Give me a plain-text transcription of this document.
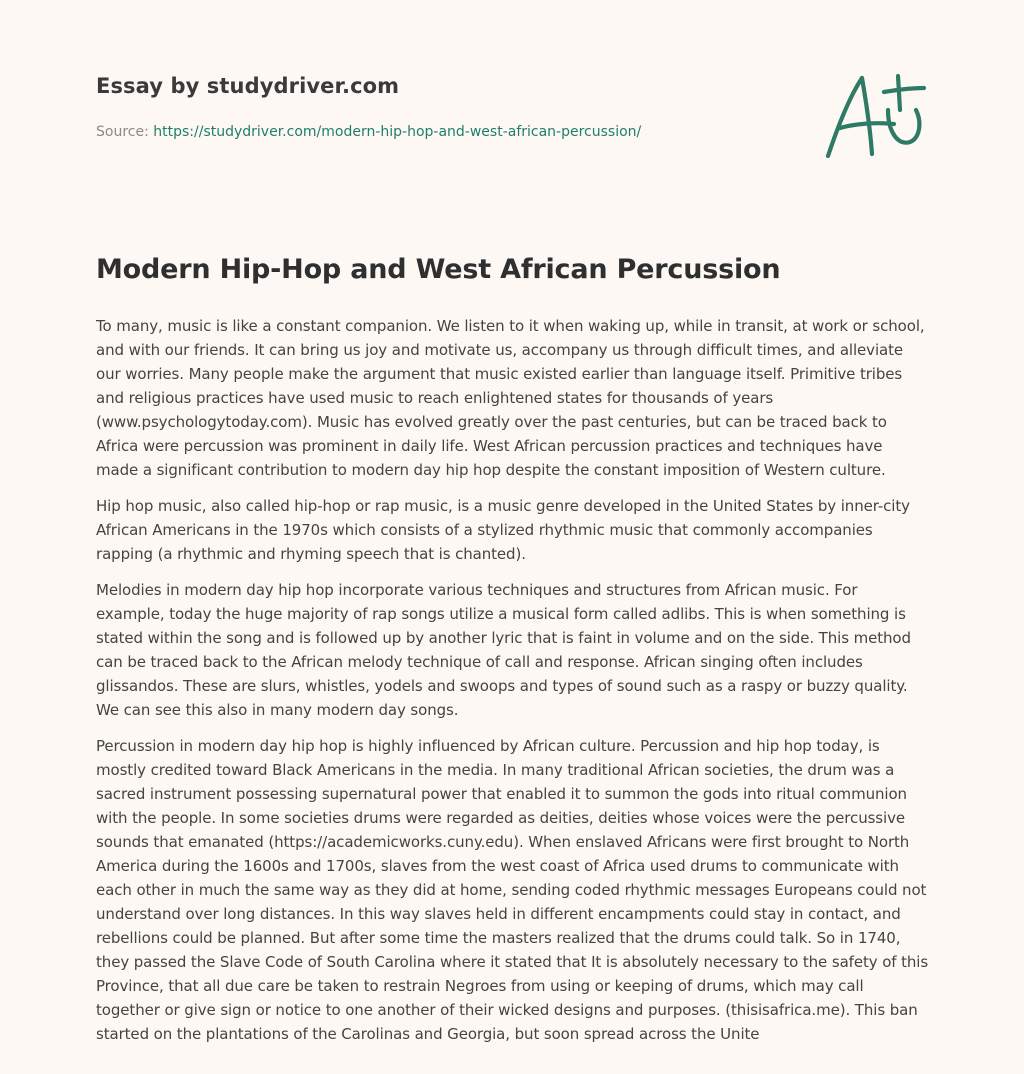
Essay by studydriver.com
Source: https://studydriver.com/modern-hip-hop-and-west-african-percussion/
Modern Hip-Hop and West African Percussion

To many, music is like a constant companion. We listen to it when waking up, while in transit, at work or school, and with our friends. It can bring us joy and motivate us, accompany us through difficult times, and alleviate our worries. Many people make the argument that music existed earlier than language itself. Primitive tribes and religious practices have used music to reach enlightened states for thousands of years (www.psychologytoday.com). Music has evolved greatly over the past centuries, but can be traced back to Africa were percussion was prominent in daily life. West African percussion practices and techniques have made a significant contribution to modern day hip hop despite the constant imposition of Western culture.

Hip hop music, also called hip-hop or rap music, is a music genre developed in the United States by inner-city African Americans in the 1970s which consists of a stylized rhythmic music that commonly accompanies rapping (a rhythmic and rhyming speech that is chanted).

Melodies in modern day hip hop incorporate various techniques and structures from African music. For example, today the huge majority of rap songs utilize a musical form called adlibs. This is when something is stated within the song and is followed up by another lyric that is faint in volume and on the side. This method can be traced back to the African melody technique of call and response. African singing often includes glissandos. These are slurs, whistles, yodels and swoops and types of sound such as a raspy or buzzy quality. We can see this also in many modern day songs.

Percussion in modern day hip hop is highly influenced by African culture. Percussion and hip hop today, is mostly credited toward Black Americans in the media. In many traditional African societies, the drum was a sacred instrument possessing supernatural power that enabled it to summon the gods into ritual communion with the people. In some societies drums were regarded as deities, deities whose voices were the percussive sounds that emanated (https://academicworks.cuny.edu). When enslaved Africans were first brought to North America during the 1600s and 1700s, slaves from the west coast of Africa used drums to communicate with each other in much the same way as they did at home, sending coded rhythmic messages Europeans could not understand over long distances. In this way slaves held in different encampments could stay in contact, and rebellions could be planned. But after some time the masters realized that the drums could talk. So in 1740, they passed the Slave Code of South Carolina where it stated that It is absolutely necessary to the safety of this Province, that all due care be taken to restrain Negroes from using or keeping of drums, which may call together or give sign or notice to one another of their wicked designs and purposes. (thisisafrica.me). This ban started on the plantations of the Carolinas and Georgia, but soon spread across the Unite
